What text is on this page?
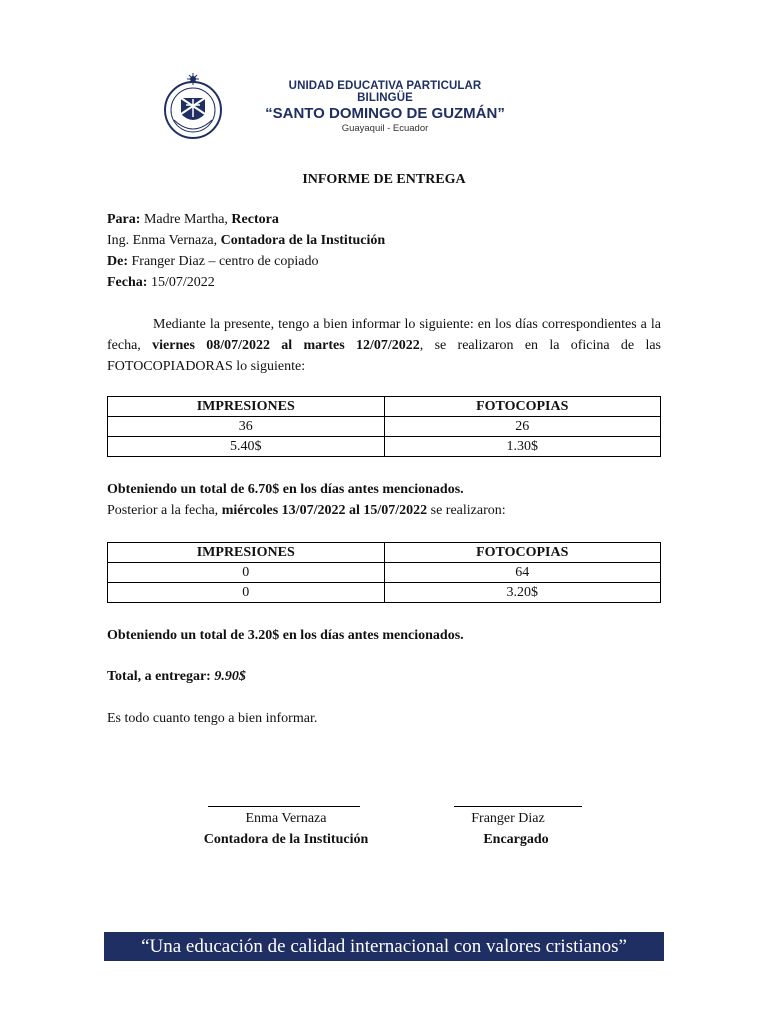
UNIDAD EDUCATIVA PARTICULAR BILINGÜE
“SANTO DOMINGO DE GUZMÁN”
Guayaquil - Ecuador
INFORME DE ENTREGA
Para: Madre Martha, Rectora
Ing. Enma Vernaza, Contadora de la Institución
De: Franger Diaz – centro de copiado
Fecha: 15/07/2022
Mediante la presente, tengo a bien informar lo siguiente: en los días correspondientes a la fecha, viernes 08/07/2022 al martes 12/07/2022, se realizaron en la oficina de las FOTOCOPIADORAS lo siguiente:
IMPRESIONES	FOTOCOPIAS
36	26
5.40$	1.30$
Obteniendo un total de 6.70$ en los días antes mencionados.
Posterior a la fecha, miércoles 13/07/2022 al 15/07/2022 se realizaron:
IMPRESIONES	FOTOCOPIAS
0	64
0	3.20$
Obteniendo un total de 3.20$ en los días antes mencionados.
Total, a entregar: 9.90$
Es todo cuanto tengo a bien informar.
Enma Vernaza
Contadora de la Institución
Franger Diaz
Encargado
“Una educación de calidad internacional con valores cristianos”
